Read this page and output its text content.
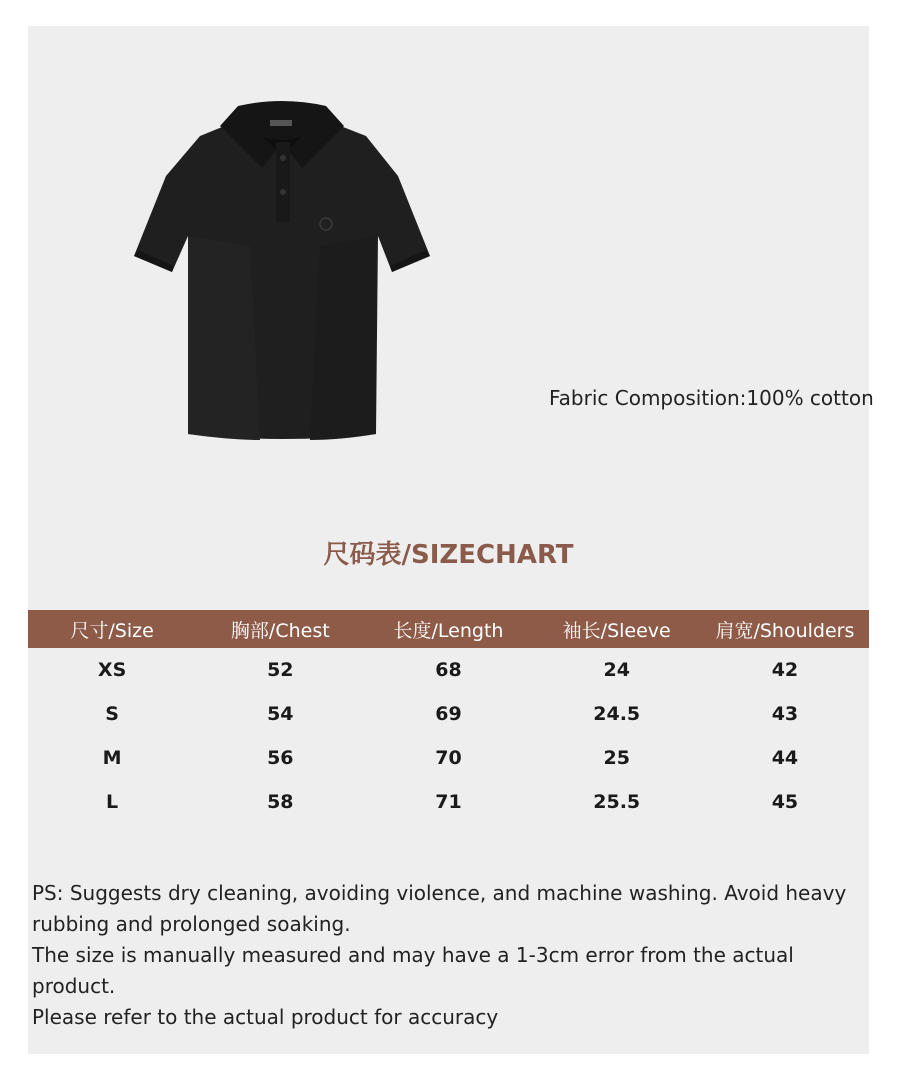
Fabric Composition:100% cotton
尺码表/SIZECHART
尺寸/Size	胸部/Chest	长度/Length	袖长/Sleeve	肩宽/Shoulders
XS	52	68	24	42
S	54	69	24.5	43
M	56	70	25	44
L	58	71	25.5	45

PS: Suggests dry cleaning, avoiding violence, and machine washing. Avoid heavy rubbing and prolonged soaking.

The size is manually measured and may have a 1-3cm error from the actual product.

Please refer to the actual product for accuracy
